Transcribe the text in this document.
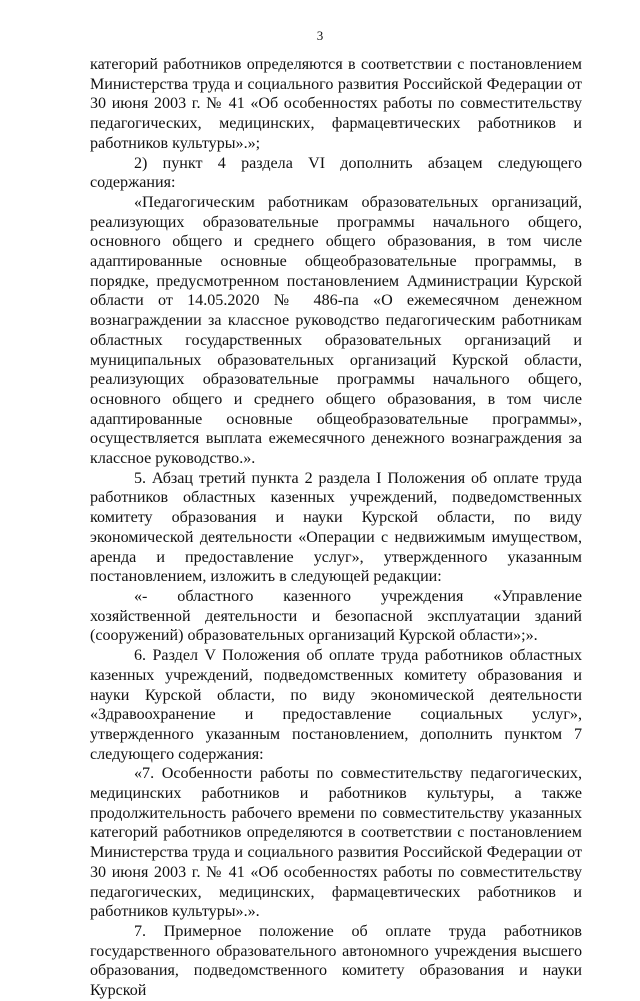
3

категорий работников определяются в соответствии с постановлением Министерства труда и социального развития Российской Федерации от 30 июня 2003 г. № 41 «Об особенностях работы по совместительству педагогических, медицинских, фармацевтических работников и работников культуры».»;

2) пункт 4 раздела VI дополнить абзацем следующего содержания:

«Педагогическим работникам образовательных организаций, реализующих образовательные программы начального общего, основного общего и среднего общего образования, в том числе адаптированные основные общеобразовательные программы, в порядке, предусмотренном постановлением Администрации Курской области от 14.05.2020 № 486-па «О ежемесячном денежном вознаграждении за классное руководство педагогическим работникам областных государственных образовательных организаций и муниципальных образовательных организаций Курской области, реализующих образовательные программы начального общего, основного общего и среднего общего образования, в том числе адаптированные основные общеобразовательные программы», осуществляется выплата ежемесячного денежного вознаграждения за классное руководство.».

5. Абзац третий пункта 2 раздела I Положения об оплате труда работников областных казенных учреждений, подведомственных комитету образования и науки Курской области, по виду экономической деятельности «Операции с недвижимым имуществом, аренда и предоставление услуг», утвержденного указанным постановлением, изложить в следующей редакции:

«- областного казенного учреждения «Управление хозяйственной деятельности и безопасной эксплуатации зданий (сооружений) образовательных организаций Курской области»;».

6. Раздел V Положения об оплате труда работников областных казенных учреждений, подведомственных комитету образования и науки Курской области, по виду экономической деятельности «Здравоохранение и предоставление социальных услуг», утвержденного указанным постановлением, дополнить пунктом 7 следующего содержания:

«7. Особенности работы по совместительству педагогических, медицинских работников и работников культуры, а также продолжительность рабочего времени по совместительству указанных категорий работников определяются в соответствии с постановлением Министерства труда и социального развития Российской Федерации от 30 июня 2003 г. № 41 «Об особенностях работы по совместительству педагогических, медицинских, фармацевтических работников и работников культуры».».

7. Примерное положение об оплате труда работников государственного образовательного автономного учреждения высшего образования, подведомственного комитету образования и науки Курской
